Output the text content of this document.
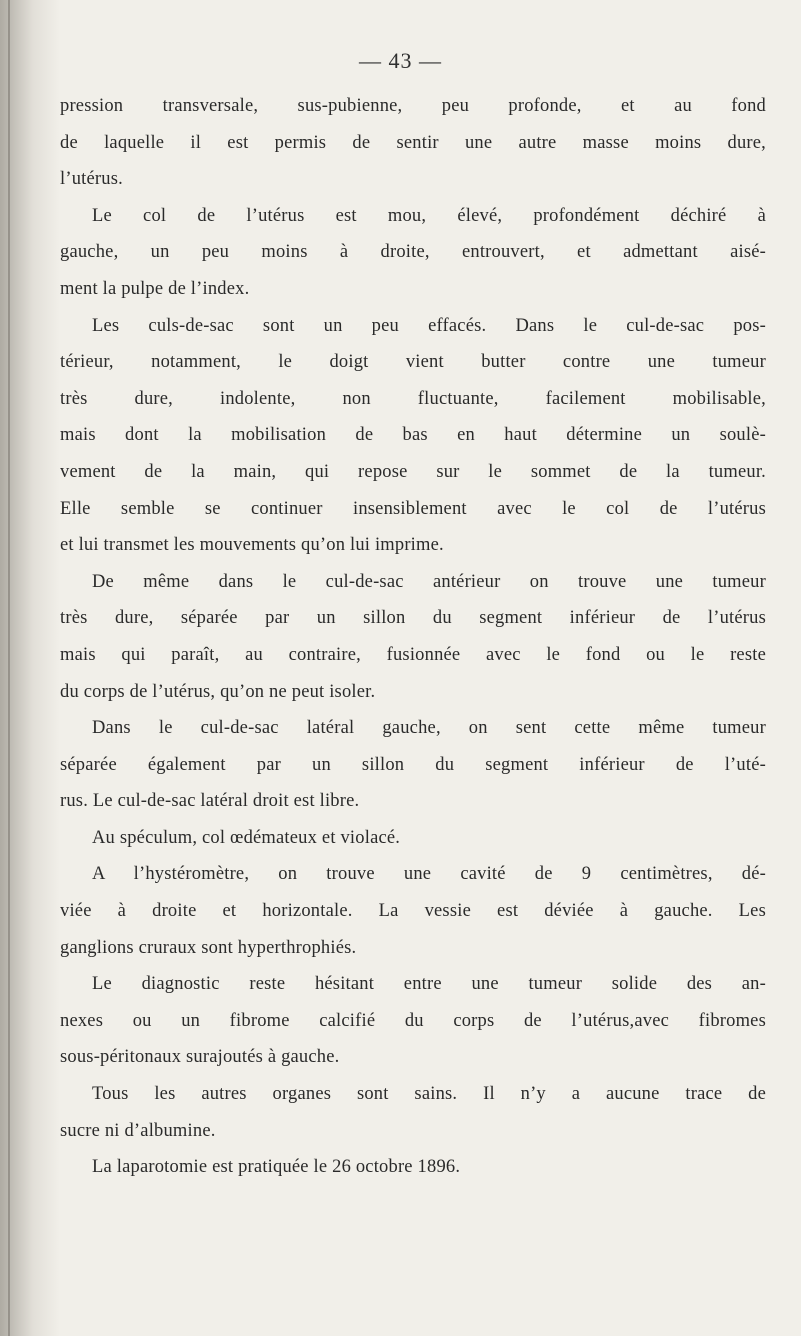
— 43 —
pression transversale, sus-pubienne, peu profonde, et au fond
de laquelle il est permis de sentir une autre masse moins dure,
l’utérus.
Le col de l’utérus est mou, élevé, profondément déchiré à
gauche, un peu moins à droite, entrouvert, et admettant aisé-
ment la pulpe de l’index.
Les culs-de-sac sont un peu effacés. Dans le cul-de-sac pos-
térieur, notamment, le doigt vient butter contre une tumeur
très dure, indolente, non fluctuante, facilement mobilisable,
mais dont la mobilisation de bas en haut détermine un soulè-
vement de la main, qui repose sur le sommet de la tumeur.
Elle semble se continuer insensiblement avec le col de l’utérus
et lui transmet les mouvements qu’on lui imprime.
De même dans le cul-de-sac antérieur on trouve une tumeur
très dure, séparée par un sillon du segment inférieur de l’utérus
mais qui paraît, au contraire, fusionnée avec le fond ou le reste
du corps de l’utérus, qu’on ne peut isoler.
Dans le cul-de-sac latéral gauche, on sent cette même tumeur
séparée également par un sillon du segment inférieur de l’uté-
rus. Le cul-de-sac latéral droit est libre.
Au spéculum, col œdémateux et violacé.
A l’hystéromètre, on trouve une cavité de 9 centimètres, dé-
viée à droite et horizontale. La vessie est déviée à gauche. Les
ganglions cruraux sont hyperthrophiés.
Le diagnostic reste hésitant entre une tumeur solide des an-
nexes ou un fibrome calcifié du corps de l’utérus,avec fibromes
sous-péritonaux surajoutés à gauche.
Tous les autres organes sont sains. Il n’y a aucune trace de
sucre ni d’albumine.
La laparotomie est pratiquée le 26 octobre 1896.
